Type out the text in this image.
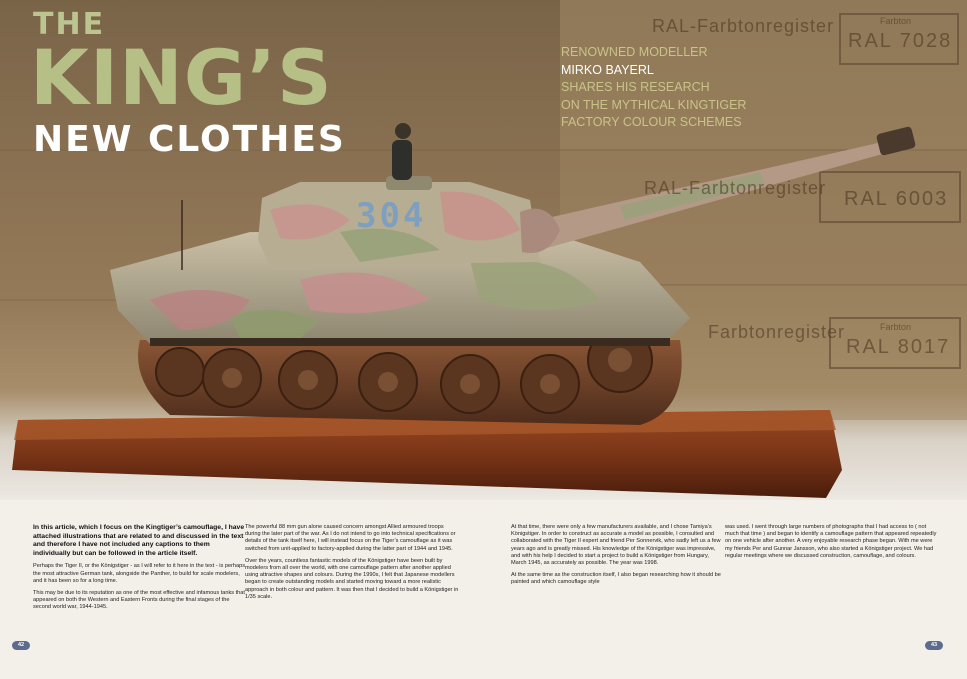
RAL-Farbtonregister	Farbton
RAL 7028
RAL-Farbtonregister RAL 6003
Farbtonregister	Farbton
RAL 8017
304
THE
KING’S
NEW CLOTHES
RENOWNED MODELLER
MIRKO BAYERL
SHARES HIS RESEARCH
ON THE MYTHICAL KINGTIGER
FACTORY COLOUR SCHEMES

In this article, which I focus on the Kingtiger’s camouflage, I have attached illustrations that are related to and discussed in the text and therefore I have not included any captions to them individually but can be followed in the article itself.

Perhaps the Tiger II, or the Königstiger - as I will refer to it here in the text - is perhaps the most attractive German tank, alongside the Panther, to build for scale modelers, and it has been so for a long time.

This may be due to its reputation as one of the most effective and infamous tanks that appeared on both the Western and Eastern Fronts during the final stages of the second world war, 1944-1945.

The powerful 88 mm gun alone caused concern amongst Allied armoured troops during the later part of the war. As I do not intend to go into technical specifications or details of the tank itself here, I will instead focus on the Tiger’s camouflage as it was switched from unit-applied to factory-applied during the latter part of 1944 and 1945.

Over the years, countless fantastic models of the Königstiger have been built by modelers from all over the world, with one camouflage pattern after another applied using attractive shapes and colours. During the 1990s, I felt that Japanese modellers began to create outstanding models and started moving toward a more realistic approach in both colour and pattern. It was then that I decided to build a Königstiger in 1/35 scale.

At that time, there were only a few manufacturers available, and I chose Tamiya’s Königstiger. In order to construct as accurate a model as possible, I consulted and collaborated with the Tiger II expert and friend Per Sonnervik, who sadly left us a few years ago and is greatly missed. His knowledge of the Königstiger was impressive, and with his help I decided to start a project to build a Königstiger from Hungary, March 1945, as accurately as possible. The year was 1998.

At the same time as the construction itself, I also began researching how it should be painted and which camouflage style

was used. I went through large numbers of photographs that I had access to ( not much that time ) and began to identify a camouflage pattern that appeared repeatedly on one vehicle after another. A very enjoyable research phase began. With me were my friends Per and Gunnar Jansson, who also started a Königstiger project. We had regular meetings where we discussed construction, camouflage, and colours.

42	43
